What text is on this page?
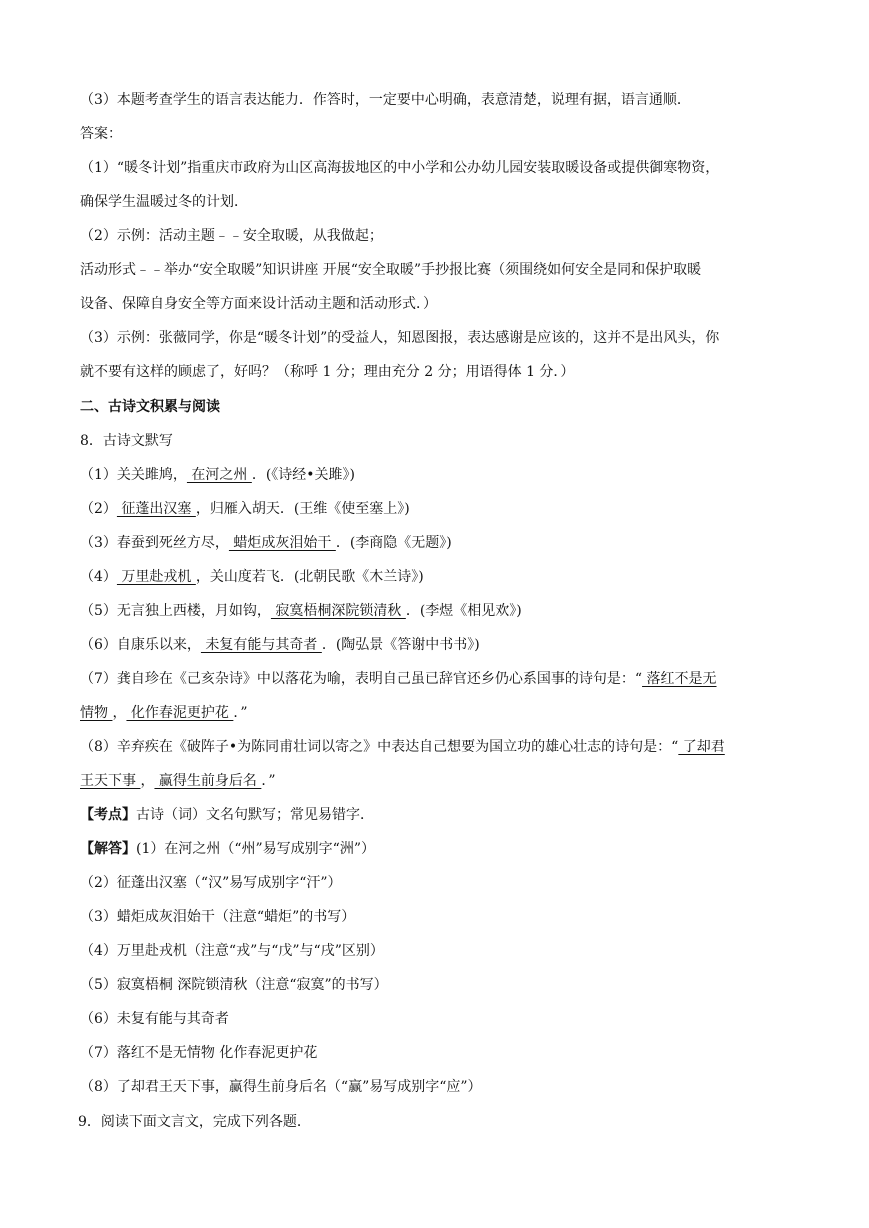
（3）本题考查学生的语言表达能力．作答时，一定要中心明确，表意清楚，说理有据，语言通顺．
答案：
（1）“暖冬计划”指重庆市政府为山区高海拔地区的中小学和公办幼儿园安装取暖设备或提供御寒物资，
确保学生温暖过冬的计划．
（2）示例：活动主题﹣﹣安全取暖，从我做起；
活动形式﹣﹣举办“安全取暖”知识讲座 开展“安全取暖”手抄报比赛（须围绕如何安全是同和保护取暖
设备、保障自身安全等方面来设计活动主题和活动形式．）
（3）示例：张薇同学，你是“暖冬计划”的受益人，知恩图报，表达感谢是应该的，这并不是出风头，你
就不要有这样的顾虑了，好吗？（称呼 1 分；理由充分 2 分；用语得体 1 分．）
二、古诗文积累与阅读
8．古诗文默写
（1）关关雎鸠， 在河之州 ．(《诗经•关雎》)
（2） 征蓬出汉塞 ，归雁入胡天．(王维《使至塞上》)
（3）春蚕到死丝方尽， 蜡炬成灰泪始干 ．(李商隐《无题》)
（4） 万里赴戎机 ，关山度若飞．(北朝民歌《木兰诗》)
（5）无言独上西楼，月如钩， 寂寞梧桐深院锁清秋 ．(李煜《相见欢》)
（6）自康乐以来， 未复有能与其奇者 ．(陶弘景《答谢中书书》)
（7）龚自珍在《己亥杂诗》中以落花为喻，表明自己虽已辞官还乡仍心系国事的诗句是：“ 落红不是无
情物 ， 化作春泥更护花 ．”
（8）辛弃疾在《破阵子•为陈同甫壮词以寄之》中表达自己想要为国立功的雄心壮志的诗句是：“ 了却君
王天下事 ， 赢得生前身后名 ．”
【考点】古诗（词）文名句默写；常见易错字．
【解答】(1）在河之州（“州”易写成别字“洲”）
（2）征蓬出汉塞（“汉”易写成别字“汗”）
（3）蜡炬成灰泪始干（注意“蜡炬”的书写）
（4）万里赴戎机（注意“戎”与“戊”与“戌”区别）
（5）寂寞梧桐 深院锁清秋（注意“寂寞”的书写）
（6）未复有能与其奇者
（7）落红不是无情物 化作春泥更护花
（8）了却君王天下事，赢得生前身后名（“赢”易写成别字“应”）
9．阅读下面文言文，完成下列各题．
